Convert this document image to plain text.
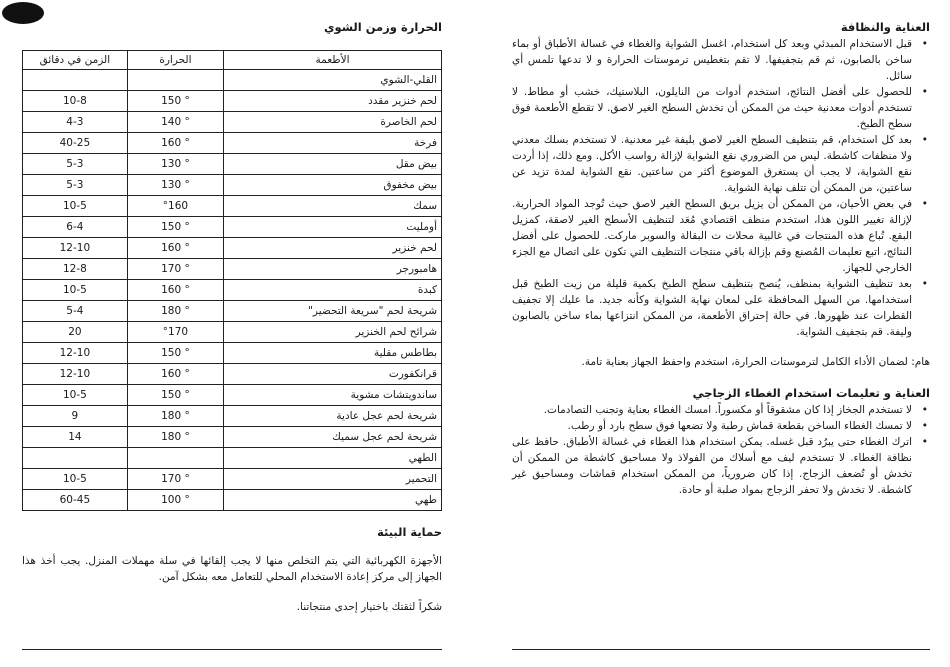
الحرارة وزمن الشوي
الأطعمة	الحرارة	الزمن في دقائق
القلي-الشوي		
لحم خنزير مقدد	150 °	10-8
لحم الخاصرة	140 °	4-3
فرخة	160 °	40-25
بيض مقل	130 °	5-3
بيض مخفوق	130 °	5-3
سمك	°160	10-5
أومليت	150 °	6-4
لحم خنزير	160 °	12-10
هامبورجر	170 °	12-8
كبدة	160 °	10-5
شريحة لحم "سريعة التحضير"	180 °	5-4
شرائح لحم الخنزير	°170	20
بطاطس مقلية	150 °	12-10
قرانكفورت	160 °	12-10
ساندويتشات مشوية	150 °	10-5
شريحة لحم عجل عادية	180 °	9
شريحة لحم عجل سميك	180 °	14
الطهي		
التحمير	170 °	10-5
طهي	100 °	60-45
حماية البيئة

الأجهزة الكهربائية التي يتم التخلص منها لا يجب إلقائها في سلة مهملات المنزل. يجب أخذ هذا الجهاز إلى مركز إعادة الاستخدام المحلي للتعامل معه بشكل آمن.

شكراً لثقتك باختيار إحدى منتجاتنا.

العناية والنظافة
• قبل الاستخدام المبدئي وبعد كل استخدام، اغسل الشواية والغطاء في غسالة الأطباق أو بماء ساخن بالصابون، ثم قم بتجفيفها. لا تقم بتغطيس ترموستات الحرارة و لا تدعها تلمس أي سائل.
• للحصول على أفضل النتائج، استخدم أدوات من النايلون، البلاستيك، خشب أو مطاط. لا تستخدم أدوات معدنية حيث من الممكن أن تخدش السطح الغير لاصق. لا تقطع الأطعمة فوق سطح الطبخ.
• بعد كل استخدام، قم بتنظيف السطح الغير لاصق بليفة غير معدنية. لا تستخدم بسلك معدني ولا منظفات كاشطة. ليس من الضروري نقع الشواية لإزالة رواسب الأكل. ومع ذلك، إذا أردت نقع الشواية، لا يجب أن يستغرق الموضوع أكثر من ساعتين. نقع الشواية لمدة تزيد عن ساعتين، من الممكن أن تتلف نهاية الشواية.
• في بعض الأحيان، من الممكن أن يزيل بريق السطح الغير لاصق حيث تُوجد المواد الحرارية. لإزالة تغيير اللون هذا، استخدم منظف اقتصادي مُعَد لتنظيف الأسطح الغير لاصقة، كمزيل البقع. تُباع هذه المنتجات في غالبية محلات ت البقالة والسوبر ماركت. للحصول على أفضل النتائج، اتبع تعليمات المُصنع وقم بإزالة باقي منتجات التنظيف التي تكون على اتصال مع الجزء الخارجي للجهاز.
• بعد تنظيف الشواية بمنظف، يُنصح بتنظيف سطح الطبخ بكمية قليلة من زيت الطبخ قبل استخدامها. من السهل المحافظة على لمعان نهاية الشواية وكأنه جديد. ما عليك إلا تجفيف القطرات عند ظهورها. في حالة إحتراق الأطعمة، من الممكن انتزاعها بماء ساخن بالصابون وليفة. قم بتجفيف الشواية.

هام: لضمان الأداء الكامل لترموستات الحرارة، استخدم واحفظ الجهاز بعناية تامة.

العناية و تعليمات استخدام الغطاء الزجاجي
• لا تستخدم الجخاز إذا كان مشقوقاً أو مكسوراً. امسك الغطاء بعناية وتجنب التصادمات.
• لا تمسك الغطاء الساخن بقطعة قماش رطبة ولا تضعها فوق سطح بارد أو رطب.
• اترك الغطاء حتى يبرُد قبل غسله. يمكن استخدام هذا الغطاء في غسالة الأطباق. حافظ على نظافة الغطاء. لا تستخدم ليف مع أسلاك من الفولاذ ولا مساحيق كاشطة من الممكن أن تخدش أو تُضعف الزجاج. إذا كان ضرورياً، من الممكن استخدام قماشات ومساحيق غير كاشطة. لا تخدش ولا تحفر الزجاج بمواد صلبة أو حادة.
